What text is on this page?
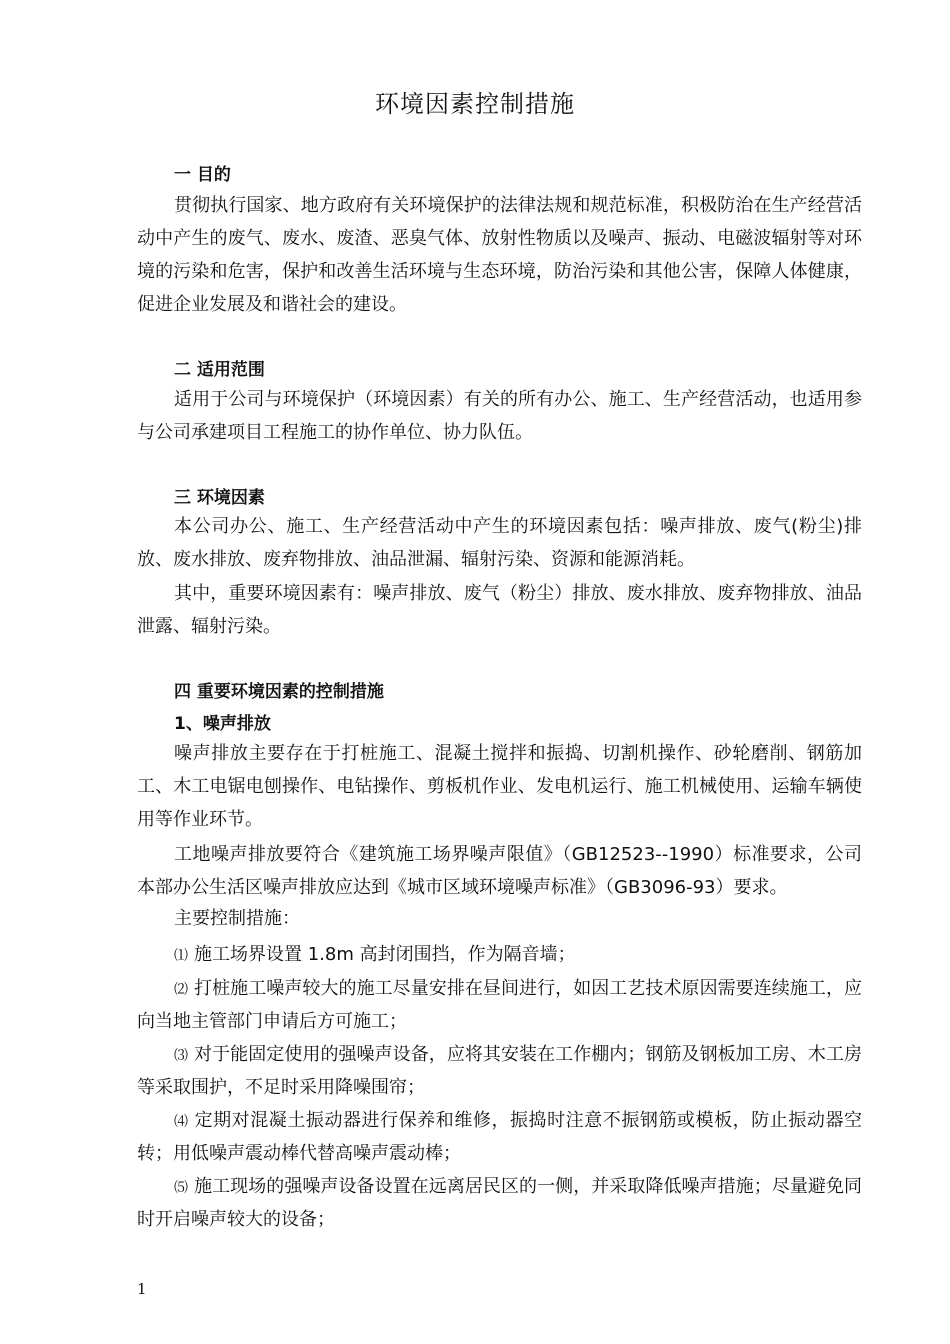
环境因素控制措施

一 目的

贯彻执行国家、地方政府有关环境保护的法律法规和规范标准，积极防治在生产经营活动中产生的废气、废水、废渣、恶臭气体、放射性物质以及噪声、振动、电磁波辐射等对环境的污染和危害，保护和改善生活环境与生态环境，防治污染和其他公害，保障人体健康，促进企业发展及和谐社会的建设。

二 适用范围

适用于公司与环境保护（环境因素）有关的所有办公、施工、生产经营活动，也适用参与公司承建项目工程施工的协作单位、协力队伍。

三 环境因素

本公司办公、施工、生产经营活动中产生的环境因素包括：噪声排放、废气(粉尘)排放、废水排放、废弃物排放、油品泄漏、辐射污染、资源和能源消耗。

其中，重要环境因素有：噪声排放、废气（粉尘）排放、废水排放、废弃物排放、油品泄露、辐射污染。

四 重要环境因素的控制措施

1、噪声排放

噪声排放主要存在于打桩施工、混凝土搅拌和振捣、切割机操作、砂轮磨削、钢筋加工、木工电锯电刨操作、电钻操作、剪板机作业、发电机运行、施工机械使用、运输车辆使用等作业环节。

工地噪声排放要符合《建筑施工场界噪声限值》（GB12523--1990）标准要求，公司本部办公生活区噪声排放应达到《城市区域环境噪声标准》（GB3096-93）要求。

主要控制措施：

⑴ 施工场界设置 1.8m 高封闭围挡，作为隔音墙；

⑵ 打桩施工噪声较大的施工尽量安排在昼间进行，如因工艺技术原因需要连续施工，应向当地主管部门申请后方可施工；

⑶ 对于能固定使用的强噪声设备，应将其安装在工作棚内；钢筋及钢板加工房、木工房等采取围护，不足时采用降噪围帘；

⑷ 定期对混凝土振动器进行保养和维修，振捣时注意不振钢筋或模板，防止振动器空转；用低噪声震动棒代替高噪声震动棒；

⑸ 施工现场的强噪声设备设置在远离居民区的一侧，并采取降低噪声措施；尽量避免同时开启噪声较大的设备；

1
